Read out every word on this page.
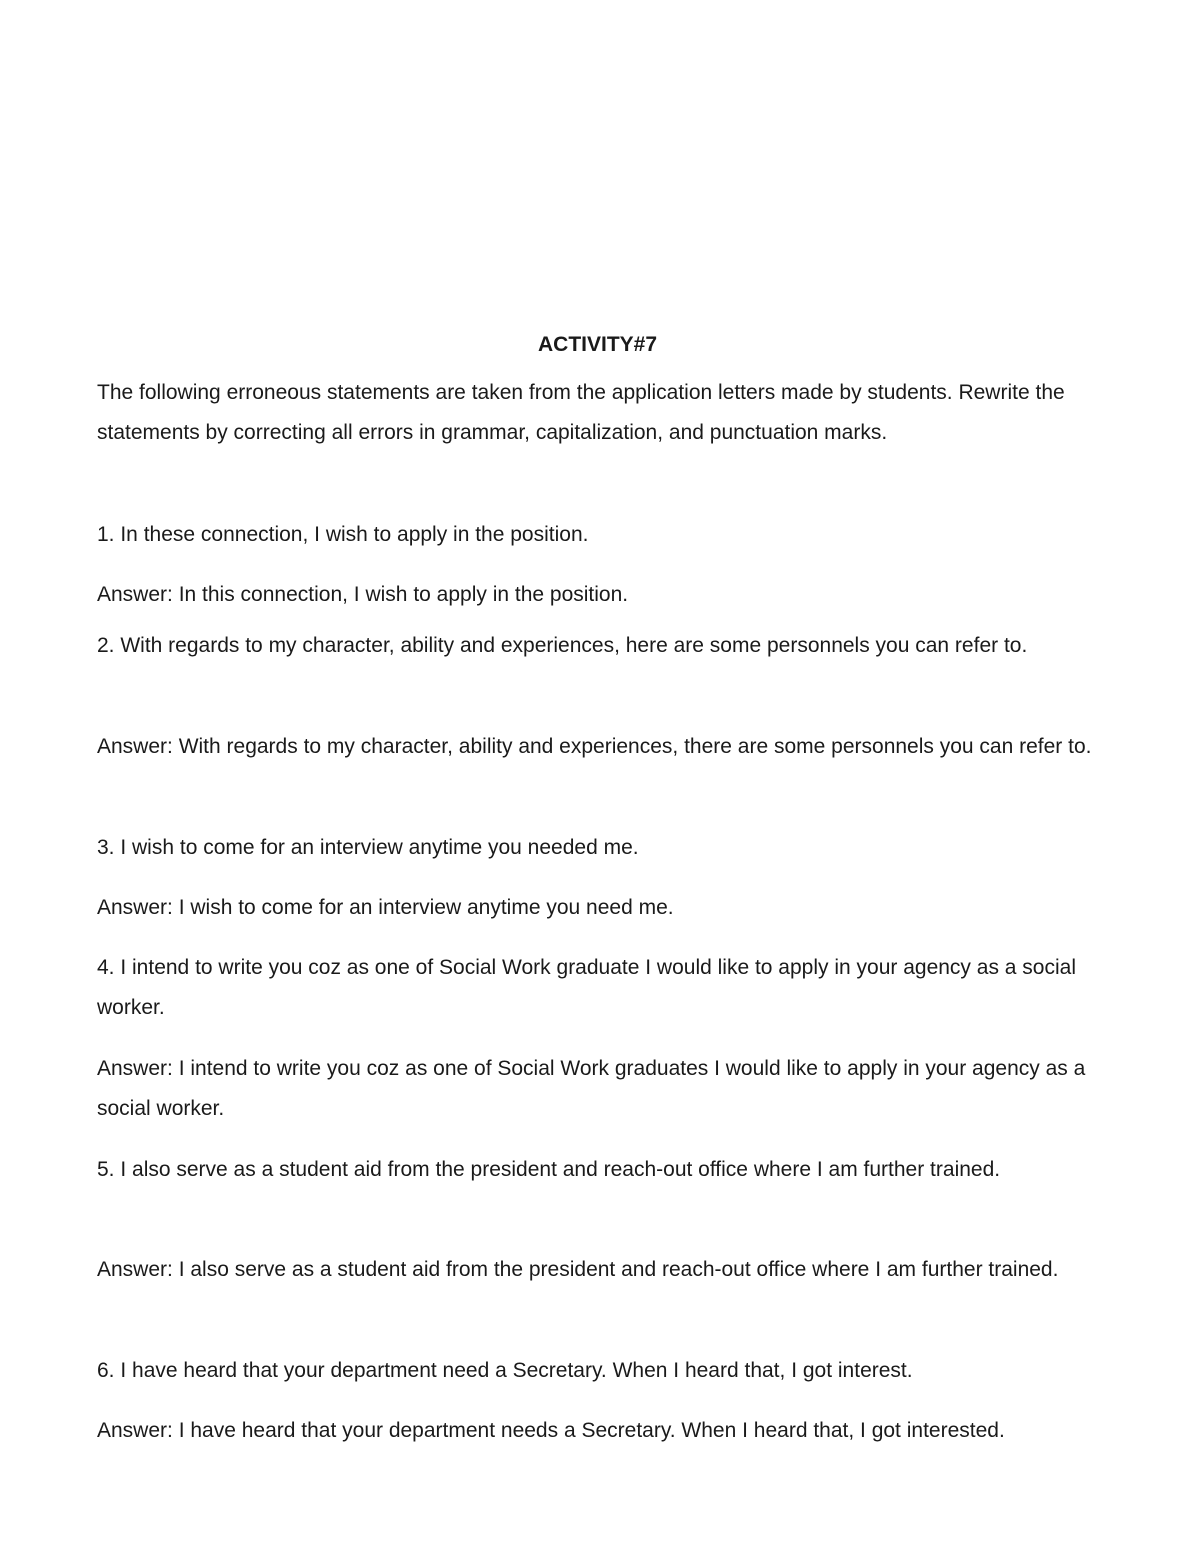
ACTIVITY#7

The following erroneous statements are taken from the application letters made by students. Rewrite the statements by correcting all errors in grammar, capitalization, and punctuation marks.

1. In these connection, I wish to apply in the position.

Answer: In this connection, I wish to apply in the position.

2. With regards to my character, ability and experiences, here are some personnels you can refer to.

Answer: With regards to my character, ability and experiences, there are some personnels you can refer to.

3. I wish to come for an interview anytime you needed me.

Answer: I wish to come for an interview anytime you need me.

4. I intend to write you coz as one of Social Work graduate I would like to apply in your agency as a social worker.

Answer: I intend to write you coz as one of Social Work graduates I would like to apply in your agency as a social worker.

5. I also serve as a student aid from the president and reach-out office where I am further trained.

Answer: I also serve as a student aid from the president and reach-out office where I am further trained.

6. I have heard that your department need a Secretary. When I heard that, I got interest.

Answer: I have heard that your department needs a Secretary. When I heard that, I got interested.
